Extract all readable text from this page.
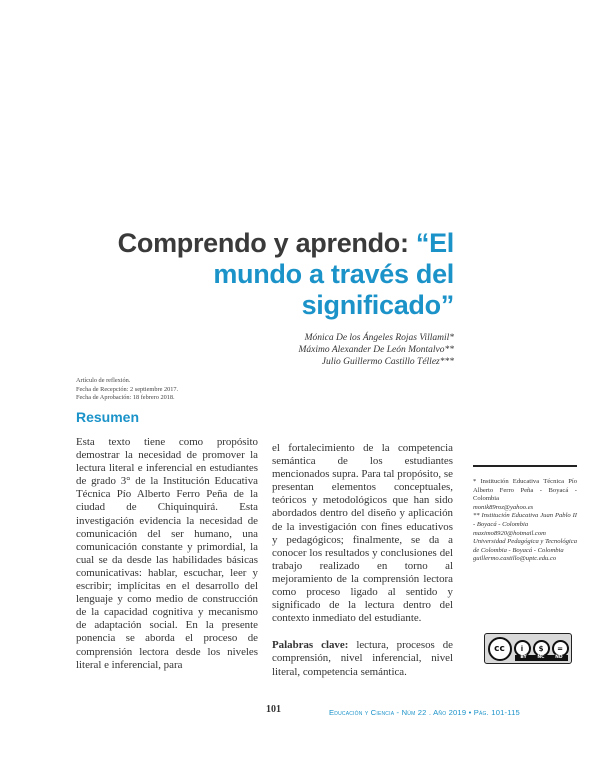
Comprendo y aprendo: “El mundo a través del significado”
Mónica De los Ángeles Rojas Villamil*
Máximo Alexander De León Montalvo**
Julio Guillermo Castillo Téllez***
Artículo de reflexión.
Fecha de Recepción: 2 septiembre 2017.
Fecha de Aprobación: 18 febrero 2018.
Resumen

Esta texto tiene como propósito demostrar la necesidad de promover la lectura literal e inferencial en estudiantes de grado 3° de la Institución Educativa Técnica Pío Alberto Ferro Peña de la ciudad de Chiquinquirá. Esta investigación evidencia la necesidad de comunicación del ser humano, una comunicación constante y primordial, la cual se da desde las habilidades básicas comunicativas: hablar, escuchar, leer y escribir; implícitas en el desarrollo del lenguaje y como medio de construcción de la capacidad cognitiva y mecanismo de adaptación social. En la presente ponencia se aborda el proceso de comprensión lectora desde los niveles literal e inferencial, para

el fortalecimiento de la competencia semántica de los estudiantes mencionados supra. Para tal propósito, se presentan elementos conceptuales, teóricos y metodológicos que han sido abordados dentro del diseño y aplicación de la investigación con fines educativos y pedagógicos; finalmente, se da a conocer los resultados y conclusiones del trabajo realizado en torno al mejoramiento de la comprensión lectora como proceso ligado al sentido y significado de la lectura dentro del contexto inmediato del estudiante.

Palabras clave: lectura, procesos de comprensión, nivel inferencial, nivel literal, competencia semántica.

* Institución Educativa Técnica Pío Alberto Ferro Peña - Boyacá - Colombia

monik89roz@yahoo.es

** Institución Educativa Juan Pablo II - Boyacá - Colombia

maximo8920@hotmail.com

Universidad Pedagógica y Tecnológica de Colombia - Boyacá - Colombia

guillermo.castillo@uptc.edu.co

cc	i	$	=
BY NC ND
101	Educación y Ciencia - Núm 22 . Año 2019 • Pág. 101-115
